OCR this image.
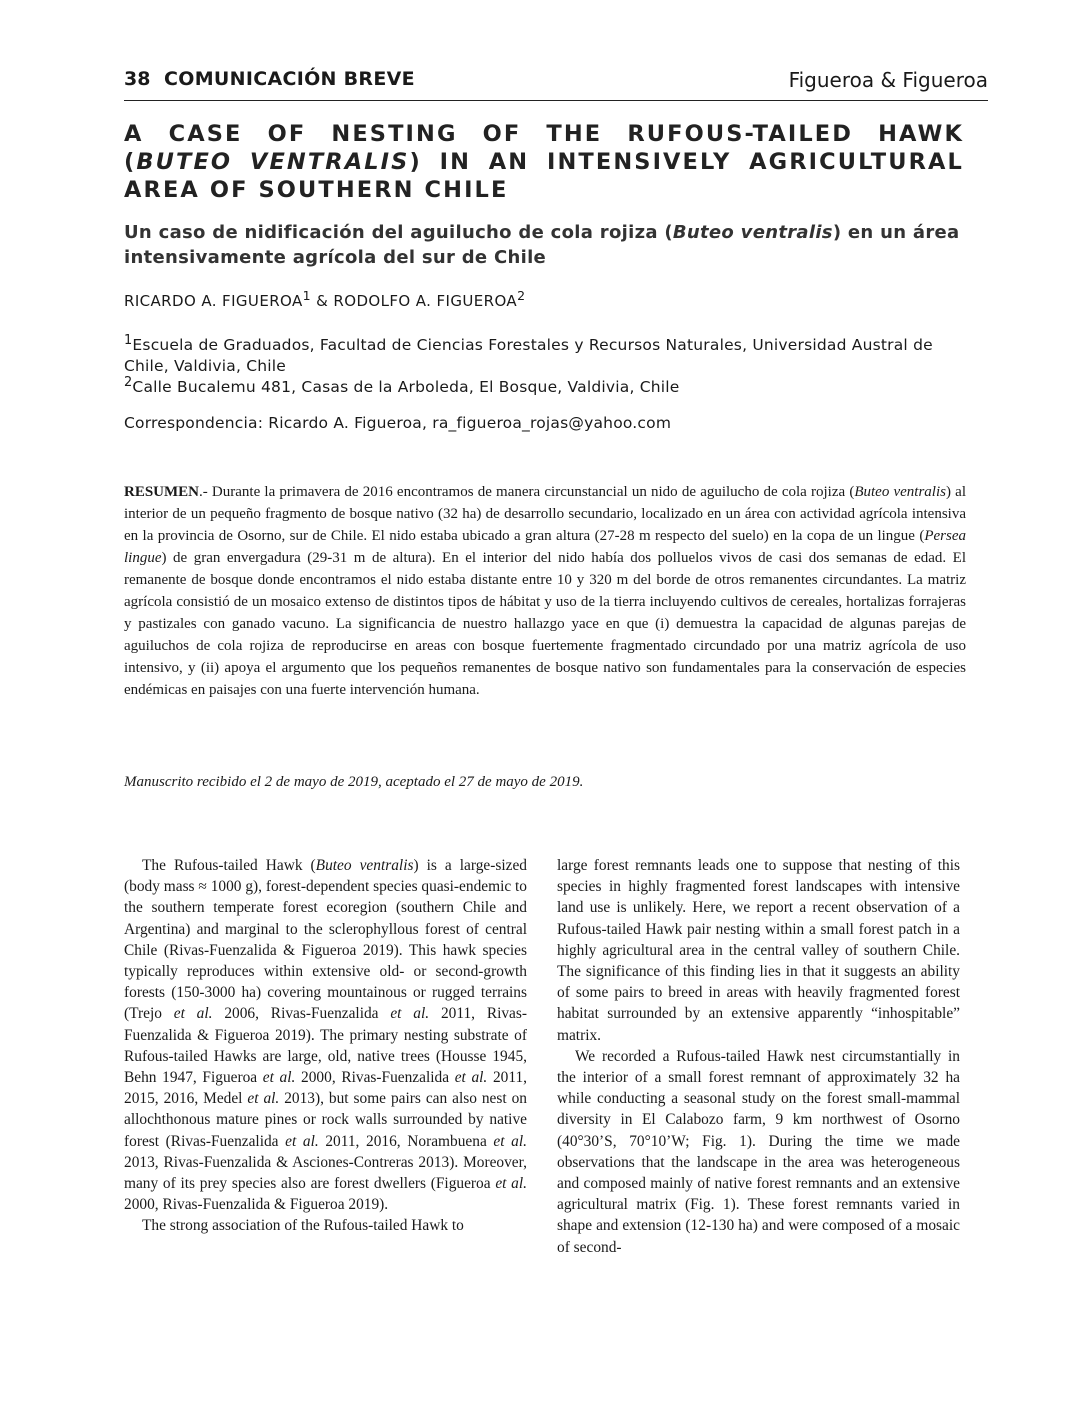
38 COMUNICACIÓN BREVE	Figueroa & Figueroa
A CASE OF NESTING OF THE RUFOUS-TAILED HAWK (BUTEO VENTRALIS) IN AN INTENSIVELY AGRICULTURAL AREA OF SOUTHERN CHILE
Un caso de nidificación del aguilucho de cola rojiza (Buteo ventralis) en un área intensivamente agrícola del sur de Chile
RICARDO A. FIGUEROA$^1$ & RODOLFO A. FIGUEROA$^2$
$^1$Escuela de Graduados, Facultad de Ciencias Forestales y Recursos Naturales, Universidad Austral de Chile, Valdivia, Chile
$^2$Calle Bucalemu 481, Casas de la Arboleda, El Bosque, Valdivia, Chile
Correspondencia: Ricardo A. Figueroa, ra_figueroa_rojas@yahoo.com

RESUMEN.- Durante la primavera de 2016 encontramos de manera circunstancial un nido de aguilucho de cola rojiza (Buteo ventralis) al interior de un pequeño fragmento de bosque nativo (32 ha) de desarrollo secundario, localizado en un área con actividad agrícola intensiva en la provincia de Osorno, sur de Chile. El nido estaba ubicado a gran altura (27-28 m respecto del suelo) en la copa de un lingue (Persea lingue) de gran envergadura (29-31 m de altura). En el interior del nido había dos polluelos vivos de casi dos semanas de edad. El remanente de bosque donde encontramos el nido estaba distante entre 10 y 320 m del borde de otros remanentes circundantes. La matriz agrícola consistió de un mosaico extenso de distintos tipos de hábitat y uso de la tierra incluyendo cultivos de cereales, hortalizas forrajeras y pastizales con ganado vacuno. La significancia de nuestro hallazgo yace en que (i) demuestra la capacidad de algunas parejas de aguiluchos de cola rojiza de reproducirse en areas con bosque fuertemente fragmentado circundado por una matriz agrícola de uso intensivo, y (ii) apoya el argumento que los pequeños remanentes de bosque nativo son fundamentales para la conservación de especies endémicas en paisajes con una fuerte intervención humana.

Manuscrito recibido el 2 de mayo de 2019, aceptado el 27 de mayo de 2019.

The Rufous-tailed Hawk (Buteo ventralis) is a large-sized (body mass ≈ 1000 g), forest-dependent species quasi-endemic to the southern temperate forest ecoregion (southern Chile and Argentina) and marginal to the sclerophyllous forest of central Chile (Rivas-Fuenzalida & Figueroa 2019). This hawk species typically reproduces within extensive old- or second-growth forests (150-3000 ha) covering mountainous or rugged terrains (Trejo et al. 2006, Rivas-Fuenzalida et al. 2011, Rivas-Fuenzalida & Figueroa 2019). The primary nesting substrate of Rufous-tailed Hawks are large, old, native trees (Housse 1945, Behn 1947, Figueroa et al. 2000, Rivas-Fuenzalida et al. 2011, 2015, 2016, Medel et al. 2013), but some pairs can also nest on allochthonous mature pines or rock walls surrounded by native forest (Rivas-Fuenzalida et al. 2011, 2016, Norambuena et al. 2013, Rivas-Fuenzalida & Asciones-Contreras 2013). Moreover, many of its prey species also are forest dwellers (Figueroa et al. 2000, Rivas-Fuenzalida & Figueroa 2019).

The strong association of the Rufous-tailed Hawk to

large forest remnants leads one to suppose that nesting of this species in highly fragmented forest landscapes with intensive land use is unlikely. Here, we report a recent observation of a Rufous-tailed Hawk pair nesting within a small forest patch in a highly agricultural area in the central valley of southern Chile. The significance of this finding lies in that it suggests an ability of some pairs to breed in areas with heavily fragmented forest habitat surrounded by an extensive apparently “inhospitable” matrix.

We recorded a Rufous-tailed Hawk nest circumstantially in the interior of a small forest remnant of approximately 32 ha while conducting a seasonal study on the forest small-mammal diversity in El Calabozo farm, 9 km northwest of Osorno (40°30’S, 70°10’W; Fig. 1). During the time we made observations that the landscape in the area was heterogeneous and composed mainly of native forest remnants and an extensive agricultural matrix (Fig. 1). These forest remnants varied in shape and extension (12-130 ha) and were composed of a mosaic of second-
